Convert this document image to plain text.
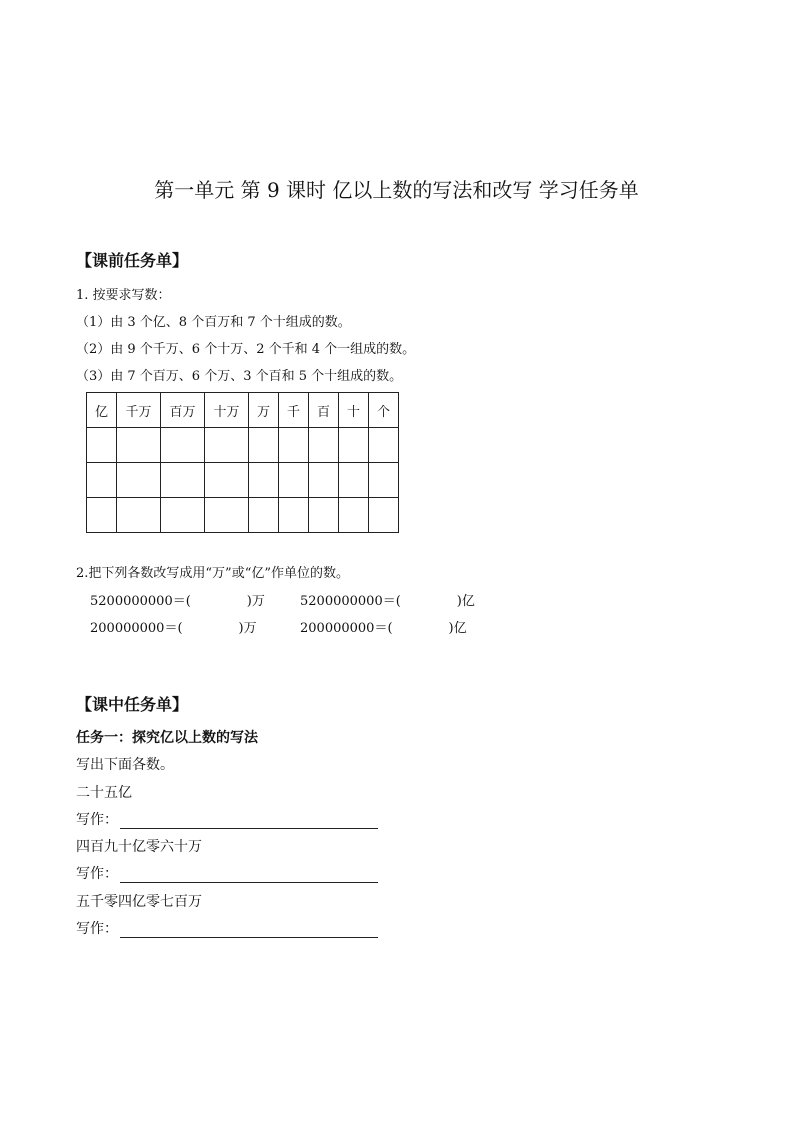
第一单元 第 9 课时 亿以上数的写法和改写 学习任务单
【课前任务单】
1. 按要求写数：
（1）由 3 个亿、8 个百万和 7 个十组成的数。
（2）由 9 个千万、6 个十万、2 个千和 4 个一组成的数。
（3）由 7 个百万、6 个万、3 个百和 5 个十组成的数。
亿	千万	百万	十万	万	千	百	十	个

2.把下列各数改写成用“万”或“亿”作单位的数。
5200000000＝(	)万	5200000000＝(	)亿
200000000＝(	)万	200000000＝(	)亿
【课中任务单】
任务一：探究亿以上数的写法
写出下面各数。
二十五亿
写作：
四百九十亿零六十万
写作：
五千零四亿零七百万
写作：
